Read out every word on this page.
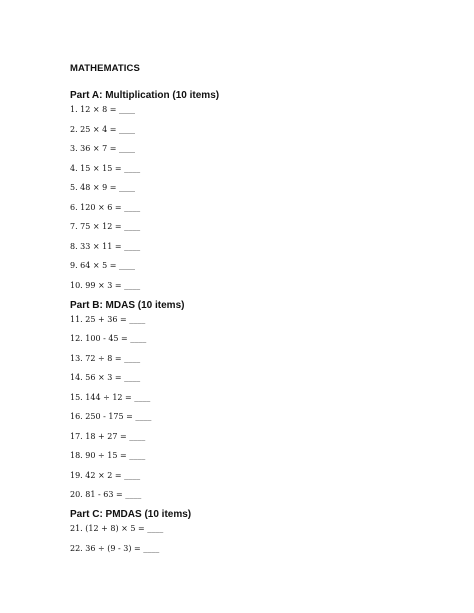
MATHEMATICS
Part A: Multiplication (10 items)
1. 12 × 8 = ____
2. 25 × 4 = ____
3. 36 × 7 = ____
4. 15 × 15 = ____
5. 48 × 9 = ____
6. 120 × 6 = ____
7. 75 × 12 = ____
8. 33 × 11 = ____
9. 64 × 5 = ____
10. 99 × 3 = ____
Part B: MDAS (10 items)
11. 25 + 36 = ____
12. 100 - 45 = ____
13. 72 ÷ 8 = ____
14. 56 × 3 = ____
15. 144 ÷ 12 = ____
16. 250 - 175 = ____
17. 18 + 27 = ____
18. 90 ÷ 15 = ____
19. 42 × 2 = ____
20. 81 - 63 = ____
Part C: PMDAS (10 items)
21. (12 + 8) × 5 = ____
22. 36 ÷ (9 - 3) = ____
